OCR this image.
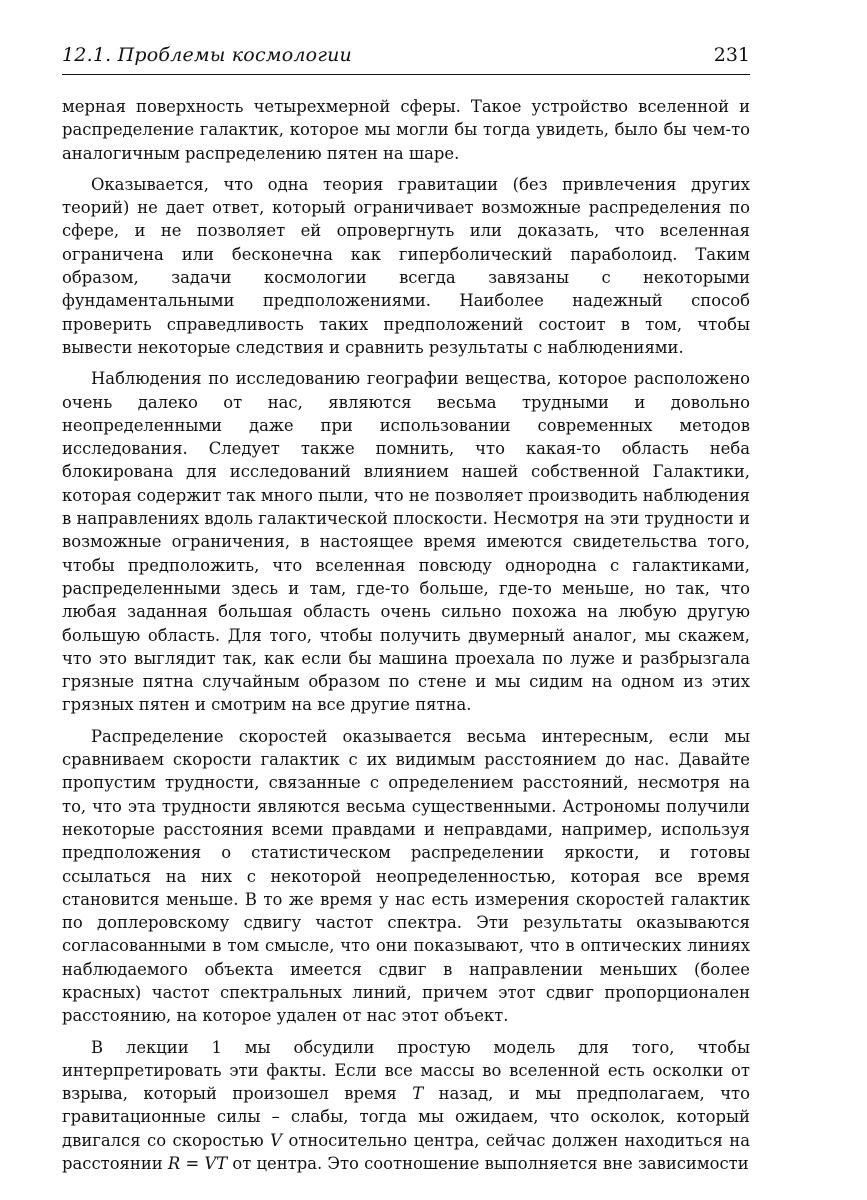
12.1. Проблемы космологии	231

мерная поверхность четырехмерной сферы. Такое устройство вселенной и распределение галактик, которое мы могли бы тогда увидеть, было бы чем-то аналогичным распределению пятен на шаре.

Оказывается, что одна теория гравитации (без привлечения других теорий) не дает ответ, который ограничивает возможные распределения по сфере, и не позволяет ей опровергнуть или доказать, что вселенная ограничена или бесконечна как гиперболический параболоид. Таким образом, задачи космологии всегда завязаны с некоторыми фундаментальными предположениями. Наиболее надежный способ проверить справедливость таких предположений состоит в том, чтобы вывести некоторые следствия и сравнить результаты с наблюдениями.

Наблюдения по исследованию географии вещества, которое расположено очень далеко от нас, являются весьма трудными и довольно неопределенными даже при использовании современных методов исследования. Следует также помнить, что какая-то область неба блокирована для исследований влиянием нашей собственной Галактики, которая содержит так много пыли, что не позволяет производить наблюдения в направлениях вдоль галактической плоскости. Несмотря на эти трудности и возможные ограничения, в настоящее время имеются свидетельства того, чтобы предположить, что вселенная повсюду однородна с галактиками, распределенными здесь и там, где-то больше, где-то меньше, но так, что любая заданная большая область очень сильно похожа на любую другую большую область. Для того, чтобы получить двумерный аналог, мы скажем, что это выглядит так, как если бы машина проехала по луже и разбрызгала грязные пятна случайным образом по стене и мы сидим на одном из этих грязных пятен и смотрим на все другие пятна.

Распределение скоростей оказывается весьма интересным, если мы сравниваем скорости галактик с их видимым расстоянием до нас. Давайте пропустим трудности, связанные с определением расстояний, несмотря на то, что эта трудности являются весьма существенными. Астрономы получили некоторые расстояния всеми правдами и неправдами, например, используя предположения о статистическом распределении яркости, и готовы ссылаться на них с некоторой неопределенностью, которая все время становится меньше. В то же время у нас есть измерения скоростей галактик по доплеровскому сдвигу частот спектра. Эти результаты оказываются согласованными в том смысле, что они показывают, что в оптических линиях наблюдаемого объекта имеется сдвиг в направлении меньших (более красных) частот спектральных линий, причем этот сдвиг пропорционален расстоянию, на которое удален от нас этот объект.

В лекции 1 мы обсудили простую модель для того, чтобы интерпретировать эти факты. Если все массы во вселенной есть осколки от взрыва, который произошел время T назад, и мы предполагаем, что гравитационные силы – слабы, тогда мы ожидаем, что осколок, который двигался со скоростью V относительно центра, сейчас должен находиться на расстоянии R = VT от центра. Это соотношение выполняется вне зависимости
